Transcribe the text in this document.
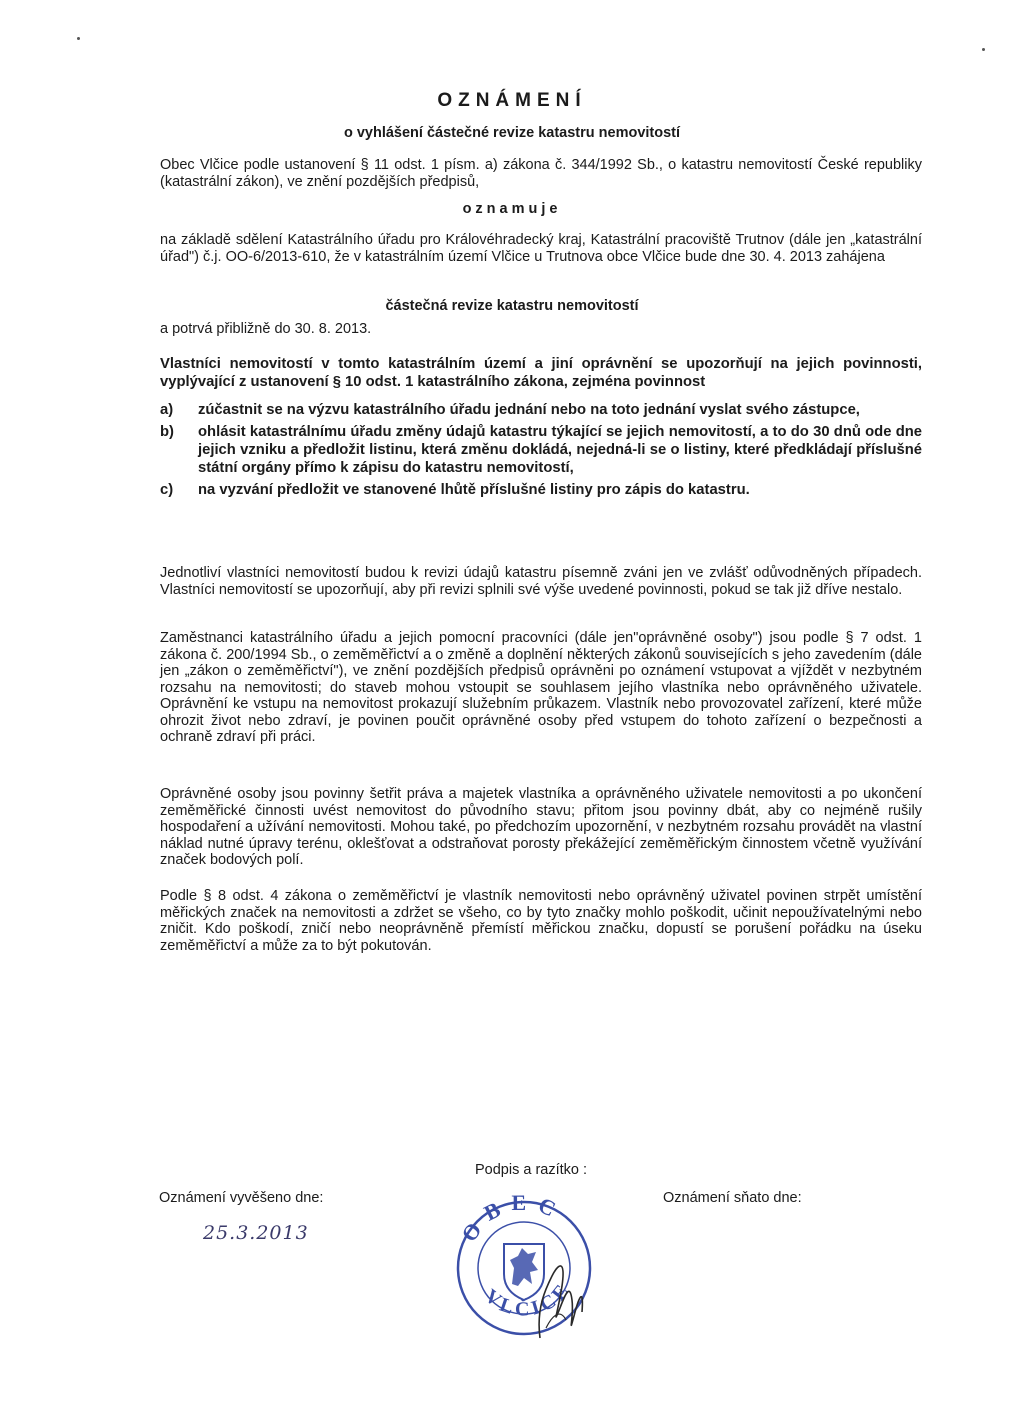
OZNÁMENÍ
o vyhlášení částečné revize katastru nemovitostí
Obec Vlčice podle ustanovení § 11 odst. 1 písm. a) zákona č. 344/1992 Sb., o katastru nemovitostí České republiky (katastrální zákon), ve znění pozdějších předpisů,
oznamuje
na základě sdělení Katastrálního úřadu pro Královéhradecký kraj, Katastrální pracoviště Trutnov (dále jen „katastrální úřad") č.j. OO-6/2013-610, že v katastrálním území Vlčice u Trutnova obce Vlčice bude dne 30. 4. 2013 zahájena
částečná revize katastru nemovitostí
a potrvá přibližně do 30. 8. 2013.
Vlastníci nemovitostí v tomto katastrálním území a jiní oprávnění se upozorňují na jejich povinnosti, vyplývající z ustanovení § 10 odst. 1 katastrálního zákona, zejména povinnost
a)	zúčastnit se na výzvu katastrálního úřadu jednání nebo na toto jednání vyslat svého zástupce,
b)	ohlásit katastrálnímu úřadu změny údajů katastru týkající se jejich nemovitostí, a to do 30 dnů ode dne jejich vzniku a předložit listinu, která změnu dokládá, nejedná-li se o listiny, které předkládají příslušné státní orgány přímo k zápisu do katastru nemovitostí,
c)	na vyzvání předložit ve stanovené lhůtě příslušné listiny pro zápis do katastru.
Jednotliví vlastníci nemovitostí budou k revizi údajů katastru písemně zváni jen ve zvlášť odůvodněných případech. Vlastníci nemovitostí se upozorňují, aby při revizi splnili své výše uvedené povinnosti, pokud se tak již dříve nestalo.
Zaměstnanci katastrálního úřadu a jejich pomocní pracovníci (dále jen"oprávněné osoby") jsou podle § 7 odst. 1 zákona č. 200/1994 Sb., o zeměměřictví a o změně a doplnění některých zákonů souvisejících s jeho zavedením (dále jen „zákon o zeměměřictví"), ve znění pozdějších předpisů oprávněni po oznámení vstupovat a vjíždět v nezbytném rozsahu na nemovitosti; do staveb mohou vstoupit se souhlasem jejího vlastníka nebo oprávněného uživatele. Oprávnění ke vstupu na nemovitost prokazují služebním průkazem. Vlastník nebo provozovatel zařízení, které může ohrozit život nebo zdraví, je povinen poučit oprávněné osoby před vstupem do tohoto zařízení o bezpečnosti a ochraně zdraví při práci.
Oprávněné osoby jsou povinny šetřit práva a majetek vlastníka a oprávněného uživatele nemovitosti a po ukončení zeměměřické činnosti uvést nemovitost do původního stavu; přitom jsou povinny dbát, aby co nejméně rušily hospodaření a užívání nemovitosti. Mohou také, po předchozím upozornění, v nezbytném rozsahu provádět na vlastní náklad nutné úpravy terénu, oklešťovat a odstraňovat porosty překážející zeměměřickým činnostem včetně využívání značek bodových polí.
Podle § 8 odst. 4 zákona o zeměměřictví je vlastník nemovitosti nebo oprávněný uživatel povinen strpět umístění měřických značek na nemovitosti a zdržet se všeho, co by tyto značky mohlo poškodit, učinit nepoužívatelnými nebo zničit. Kdo poškodí, zničí nebo neoprávněně přemístí měřickou značku, dopustí se porušení pořádku na úseku zeměměřictví a může za to být pokutován.
Podpis a razítko :
Oznámení vyvěšeno dne:	Oznámení sňato dne:
25.3.2013	OBEC
VLČICE
